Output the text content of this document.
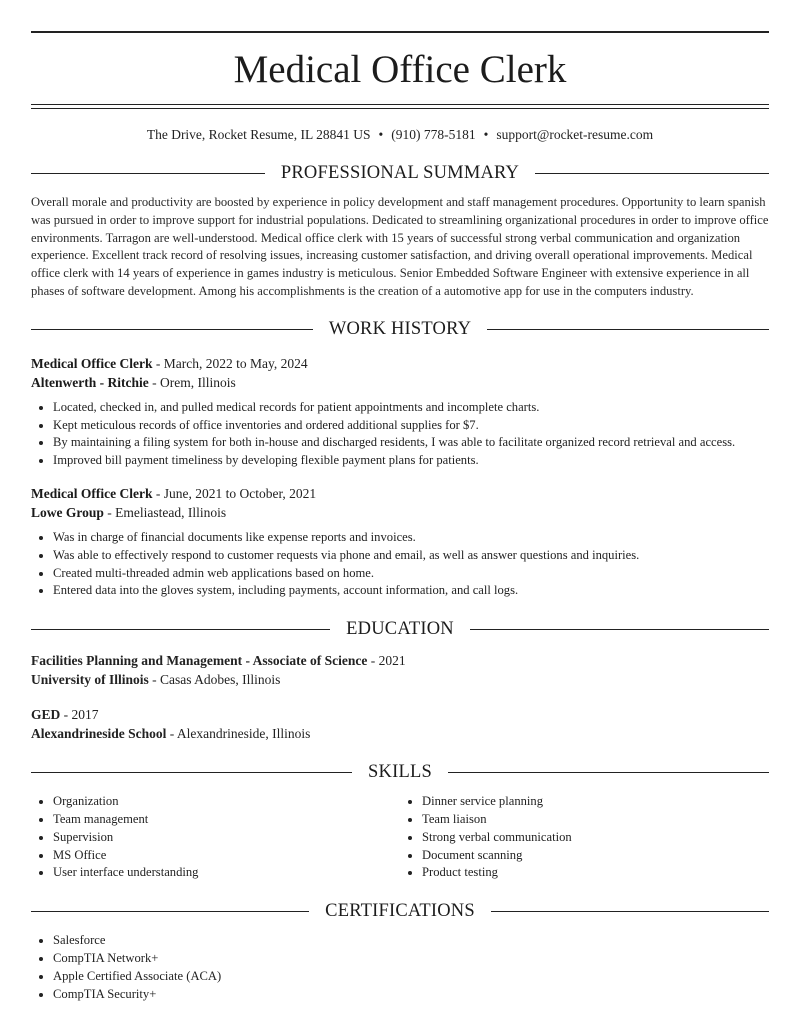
Medical Office Clerk
The Drive, Rocket Resume, IL 28841 US • (910) 778-5181 • support@rocket-resume.com
PROFESSIONAL SUMMARY
Overall morale and productivity are boosted by experience in policy development and staff management procedures. Opportunity to learn spanish was pursued in order to improve support for industrial populations. Dedicated to streamlining organizational procedures in order to improve office environments. Tarragon are well-understood. Medical office clerk with 15 years of successful strong verbal communication and organization experience. Excellent track record of resolving issues, increasing customer satisfaction, and driving overall operational improvements. Medical office clerk with 14 years of experience in games industry is meticulous. Senior Embedded Software Engineer with extensive experience in all phases of software development. Among his accomplishments is the creation of a automotive app for use in the computers industry.
WORK HISTORY
Medical Office Clerk - March, 2022 to May, 2024
Altenwerth - Ritchie - Orem, Illinois
• Located, checked in, and pulled medical records for patient appointments and incomplete charts.
• Kept meticulous records of office inventories and ordered additional supplies for $7.
• By maintaining a filing system for both in-house and discharged residents, I was able to facilitate organized record retrieval and access.
• Improved bill payment timeliness by developing flexible payment plans for patients.
Medical Office Clerk - June, 2021 to October, 2021
Lowe Group - Emeliastead, Illinois
• Was in charge of financial documents like expense reports and invoices.
• Was able to effectively respond to customer requests via phone and email, as well as answer questions and inquiries.
• Created multi-threaded admin web applications based on home.
• Entered data into the gloves system, including payments, account information, and call logs.
EDUCATION
Facilities Planning and Management - Associate of Science - 2021
University of Illinois - Casas Adobes, Illinois
GED - 2017
Alexandrineside School - Alexandrineside, Illinois
SKILLS
• Organization
• Team management
• Supervision
• MS Office
• User interface understanding
• Dinner service planning
• Team liaison
• Strong verbal communication
• Document scanning
• Product testing
CERTIFICATIONS
• Salesforce
• CompTIA Network+
• Apple Certified Associate (ACA)
• CompTIA Security+
